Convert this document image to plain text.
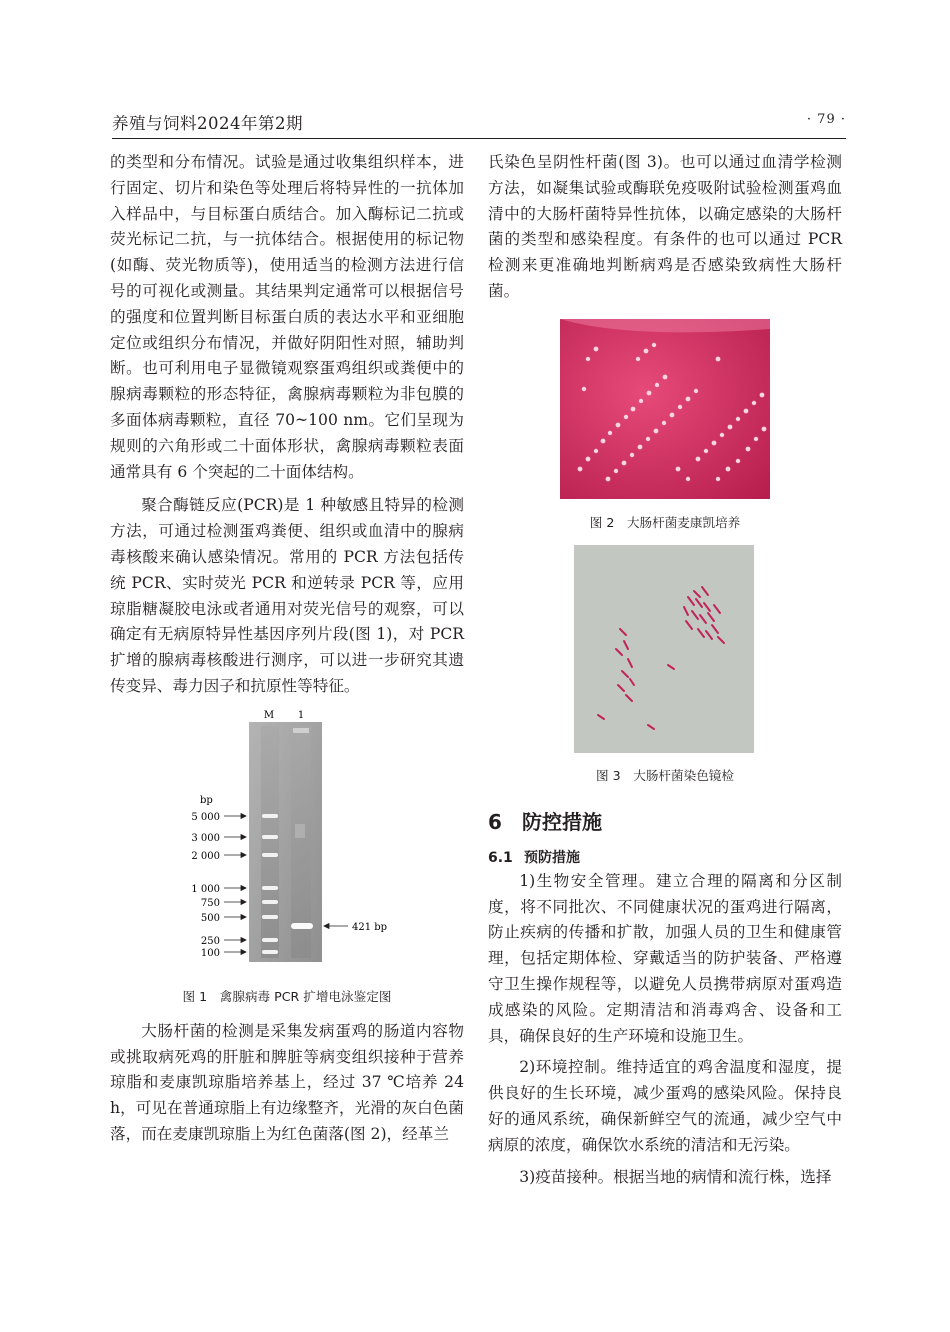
养殖与饲料2024年第2期	· 79 ·

的类型和分布情况。试验是通过收集组织样本，进行固定、切片和染色等处理后将特异性的一抗体加入样品中，与目标蛋白质结合。加入酶标记二抗或荧光标记二抗，与一抗体结合。根据使用的标记物(如酶、荧光物质等)，使用适当的检测方法进行信号的可视化或测量。其结果判定通常可以根据信号的强度和位置判断目标蛋白质的表达水平和亚细胞定位或组织分布情况，并做好阴阳性对照，辅助判断。也可利用电子显微镜观察蛋鸡组织或粪便中的腺病毒颗粒的形态特征，禽腺病毒颗粒为非包膜的多面体病毒颗粒，直径 70~100 nm。它们呈现为规则的六角形或二十面体形状，禽腺病毒颗粒表面通常具有 6 个突起的二十面体结构。

聚合酶链反应(PCR)是 1 种敏感且特异的检测方法，可通过检测蛋鸡粪便、组织或血清中的腺病毒核酸来确认感染情况。常用的 PCR 方法包括传统 PCR、实时荧光 PCR 和逆转录 PCR 等，应用琼脂糖凝胶电泳或者通用对荧光信号的观察，可以确定有无病原特异性基因序列片段(图 1)，对 PCR 扩增的腺病毒核酸进行测序，可以进一步研究其遗传变异、毒力因子和抗原性等特征。

M 1
bp
5 000
3 000
2 000
1 000
750
500
250
100
421 bp

图 1　禽腺病毒 PCR 扩增电泳鉴定图

大肠杆菌的检测是采集发病蛋鸡的肠道内容物或挑取病死鸡的肝脏和脾脏等病变组织接种于营养琼脂和麦康凯琼脂培养基上，经过 37 ℃培养 24 h，可见在普通琼脂上有边缘整齐，光滑的灰白色菌落，而在麦康凯琼脂上为红色菌落(图 2)，经革兰

氏染色呈阴性杆菌(图 3)。也可以通过血清学检测方法，如凝集试验或酶联免疫吸附试验检测蛋鸡血清中的大肠杆菌特异性抗体，以确定感染的大肠杆菌的类型和感染程度。有条件的也可以通过 PCR 检测来更准确地判断病鸡是否感染致病性大肠杆菌。

图 2　大肠杆菌麦康凯培养

图 3　大肠杆菌染色镜检

6 防控措施
6.1 预防措施

1)生物安全管理。建立合理的隔离和分区制度，将不同批次、不同健康状况的蛋鸡进行隔离，防止疾病的传播和扩散，加强人员的卫生和健康管理，包括定期体检、穿戴适当的防护装备、严格遵守卫生操作规程等，以避免人员携带病原对蛋鸡造成感染的风险。定期清洁和消毒鸡舍、设备和工具，确保良好的生产环境和设施卫生。

2)环境控制。维持适宜的鸡舍温度和湿度，提供良好的生长环境，减少蛋鸡的感染风险。保持良好的通风系统，确保新鲜空气的流通，减少空气中病原的浓度，确保饮水系统的清洁和无污染。

3)疫苗接种。根据当地的病情和流行株，选择
